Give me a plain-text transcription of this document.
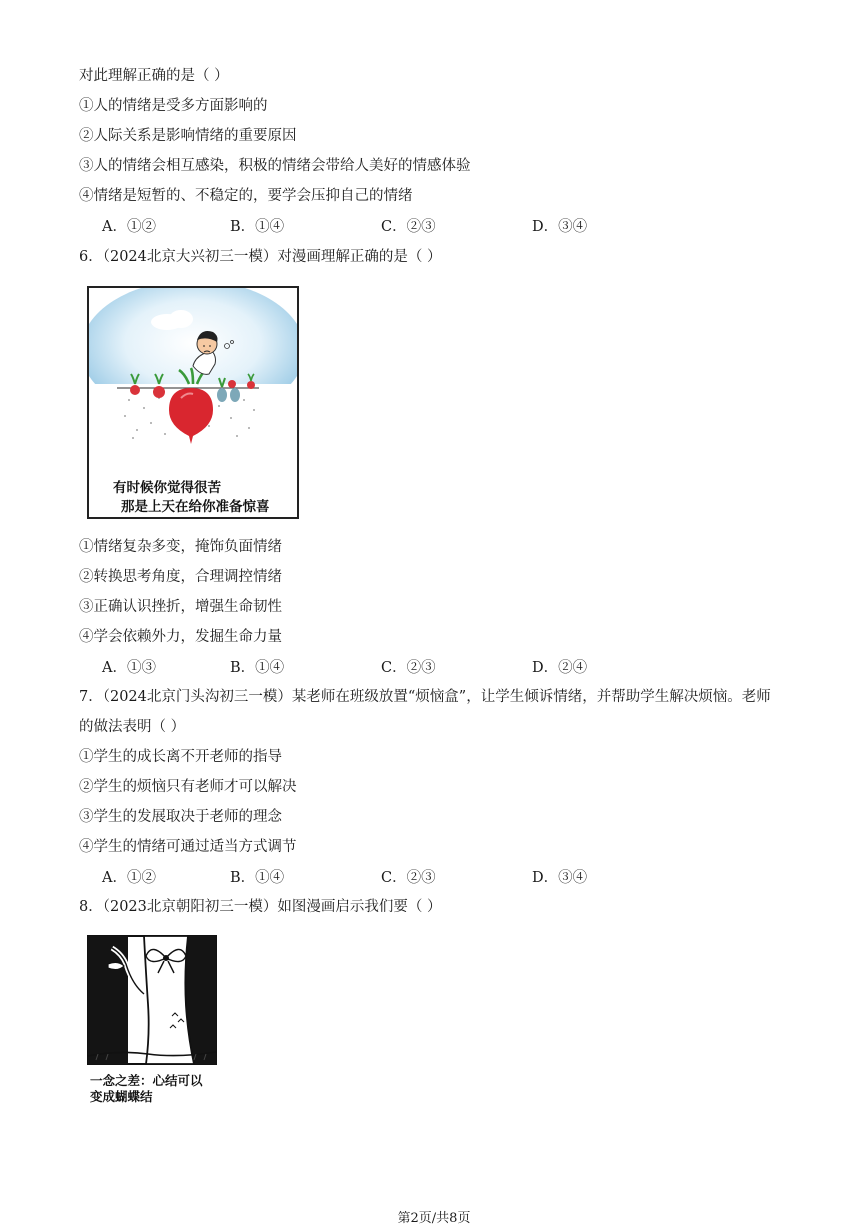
对此理解正确的是（ ）
①人的情绪是受多方面影响的
②人际关系是影响情绪的重要原因
③人的情绪会相互感染，积极的情绪会带给人美好的情感体验
④情绪是短暂的、不稳定的，要学会压抑自己的情绪
A．①②	B．①④	C．②③	D．③④
6．（2024北京大兴初三一模）对漫画理解正确的是（ ）
有时候你觉得很苦
那是上天在给你准备惊喜
①情绪复杂多变，掩饰负面情绪
②转换思考角度，合理调控情绪
③正确认识挫折，增强生命韧性
④学会依赖外力，发掘生命力量
A．①③	B．①④	C．②③	D．②④
7．（2024北京门头沟初三一模）某老师在班级放置“烦恼盒”，让学生倾诉情绪，并帮助学生解决烦恼。老师
的做法表明（ ）
①学生的成长离不开老师的指导
②学生的烦恼只有老师才可以解决
③学生的发展取决于老师的理念
④学生的情绪可通过适当方式调节
A．①②	B．①④	C．②③	D．③④
8．（2023北京朝阳初三一模）如图漫画启示我们要（ ）
一念之差：心结可以
变成蝴蝶结
第2页/共8页
